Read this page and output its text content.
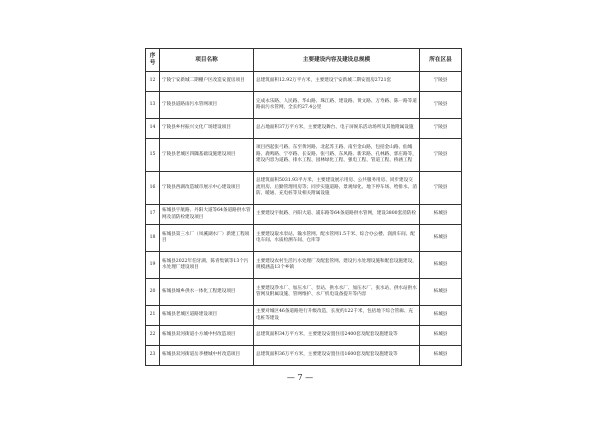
序号	项目名称	主要建设内容及建设总规模	所在区县
12	宁陵宁安新城二期棚户区改造安置房项目	总建筑面积12.92万平方米，主要建设宁安新城二期安置房2721套	宁陵县
13	宁陵县道路雨污水管网项目	完成永乐路、人民路、华山路、珠江路、建设路、黄文路、万寿路、陈一路等道路雨污水管网，全长约27.4公里	宁陵县
14	宁陵县乡村振兴文化广场建设项目	总占地面积37万平方米，主要建设舞台、电子屏娱乐活动场所及其他附属设施	宁陵县
15	宁陵县老城区四隅基础设施建设项目	项目西起张弓路、东至黄河路、北起苏王路、南至金山路，包括金山路、仙城路、鹿鸣路、宁亭路、长安路、张弓路、东风路、新禾路、孔林路、郭庄路等，建设内容为道路、排水工程、园林绿化工程、强电工程、管道工程、桥涵工程	宁陵县
16	宁陵县西湖改造城市展示中心建设项目	总建筑面积5031.93平方米，主要建设展示用房、公共服务用房、同步建设交流用房、后勤管理用房等；同步实施道路、景观绿化、地下停车场、给排水、消防、暖通、充电桩等及相关附属设施	宁陵县
17	柘城县宇航路、丹阳大道等64条道路供水管网及消防栓建设项目	主要建设宇航路、丹阳大道、浦东路等64条道路供水管网，建设3800套消防栓	柘城县
18	柘城县第三水厂（凤溪湖水厂）新建工程项目	主要建设取水泵站、输水管网、配水管网1.5千米、综合办公楼、润滑车间、配电车间、水质检测车间、仓库等	柘城县
19	柘城县2022年伯牙湖、陈青集镇等13个污水处理厂建设项目	主要建设农村生活污水处理厂及配套管网、建设污水处理设施和配套设施建设，规模涵盖13个乡镇	柘城县
20	柘城县城乡供水一体化工程建设项目	主要建设净水厂、加压水厂、泵站、供水水厂、加压水厂、张水站、供水站供水管网及附属设施、管网维护、水厂机电设备提升等内容	柘城县
21	柘城县老城区道路建设项目	主要对城区46条道路进行升级改造，长度约122千米，包括地下综合管廊、充电桩等建设	柘城县
22	柘城县双河街道小方城中村改造项目	总建筑面积34万平方米，主要建设安置住房2400套及配套设施建设等	柘城县
23	柘城县双河街道岳李楼城中村改造项目	总建筑面积36万平方米，主要建设安置住房1600套及配套设施建设等	柘城县
— 7 —
